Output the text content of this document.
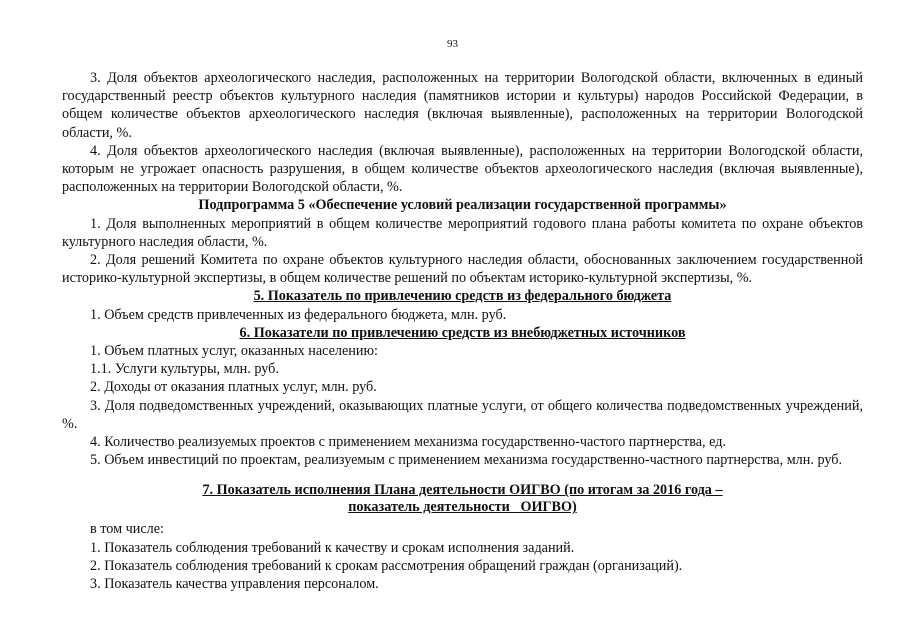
93

3. Доля объектов археологического наследия, расположенных на территории Вологодской области, включенных в единый государственный реестр объектов культурного наследия (памятников истории и культуры) народов Российской Федерации, в общем количестве объектов археологического наследия (включая выявленные), расположенных на территории Вологодской области, %.

4. Доля объектов археологического наследия (включая выявленные), расположенных на территории Вологодской области, которым не угрожает опасность разрушения, в общем количестве объектов археологического наследия (включая выявленные), расположенных на территории Вологодской области, %.

Подпрограмма 5 «Обеспечение условий реализации государственной программы»

1. Доля выполненных мероприятий в общем количестве мероприятий годового плана работы комитета по охране объектов культурного наследия области, %.

2. Доля решений Комитета по охране объектов культурного наследия области, обоснованных заключением государственной историко-культурной экспертизы, в общем количестве решений по объектам историко-культурной экспертизы, %.

5. Показатель по привлечению средств из федерального бюджета

1. Объем средств привлеченных из федерального бюджета, млн. руб.

6. Показатели по привлечению средств из внебюджетных источников

1. Объем платных услуг, оказанных населению:

1.1. Услуги культуры, млн. руб.

2. Доходы от оказания платных услуг, млн. руб.

3. Доля подведомственных учреждений, оказывающих платные услуги, от общего количества подведомственных учреждений, %.

4. Количество реализуемых проектов с применением механизма государственно-частого партнерства, ед.

5. Объем инвестиций по проектам, реализуемым с применением механизма государственно-частного партнерства, млн. руб.

7. Показатель исполнения Плана деятельности ОИГВО (по итогам за 2016 года –

показатель деятельности   ОИГВО)

в том числе:

1. Показатель соблюдения требований к качеству и срокам исполнения заданий.

2. Показатель соблюдения требований к срокам рассмотрения обращений граждан (организаций).

3. Показатель качества управления персоналом.
